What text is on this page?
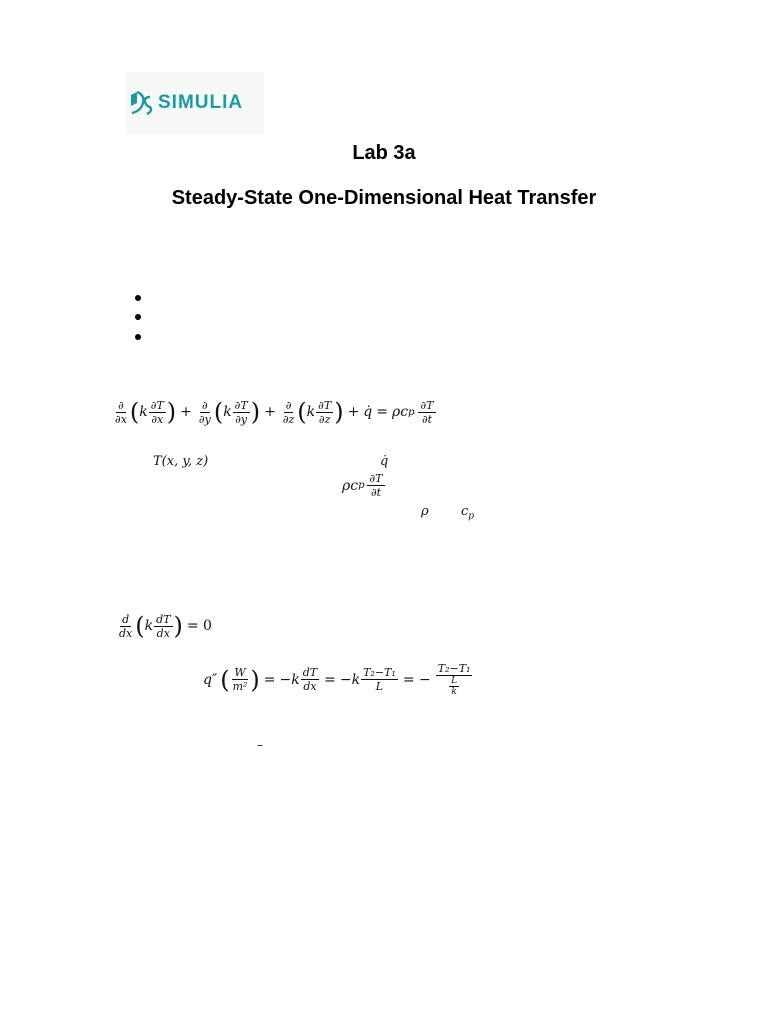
SIMULIA
Lab 3a
Steady-State One-Dimensional Heat Transfer
$\frac{\partial}{\partial x}$ ( k $\frac{\partial T}{\partial x}$ ) + $\frac{\partial}{\partial y}$ ( k $\frac{\partial T}{\partial y}$ ) + $\frac{\partial}{\partial z}$ ( k $\frac{\partial T}{\partial z}$ ) + q̇ = ρc p $\frac{\partial T}{\partial t}$
T(x, y, z)	q̇
ρc p $\frac{\partial T}{\partial t}$
ρ $c_p$
$\frac{d}{dx}$ ( k $\frac{dT}{dx}$ ) = 0
q″ ( $\frac{W}{\text{m²}}$ ) = $-k \frac{dT}{dx} = -k \frac{\text{T₂−T₁}}{L}$ = − $\frac{\text{T₂−T₁}}{\frac{L}{k}}$
–
